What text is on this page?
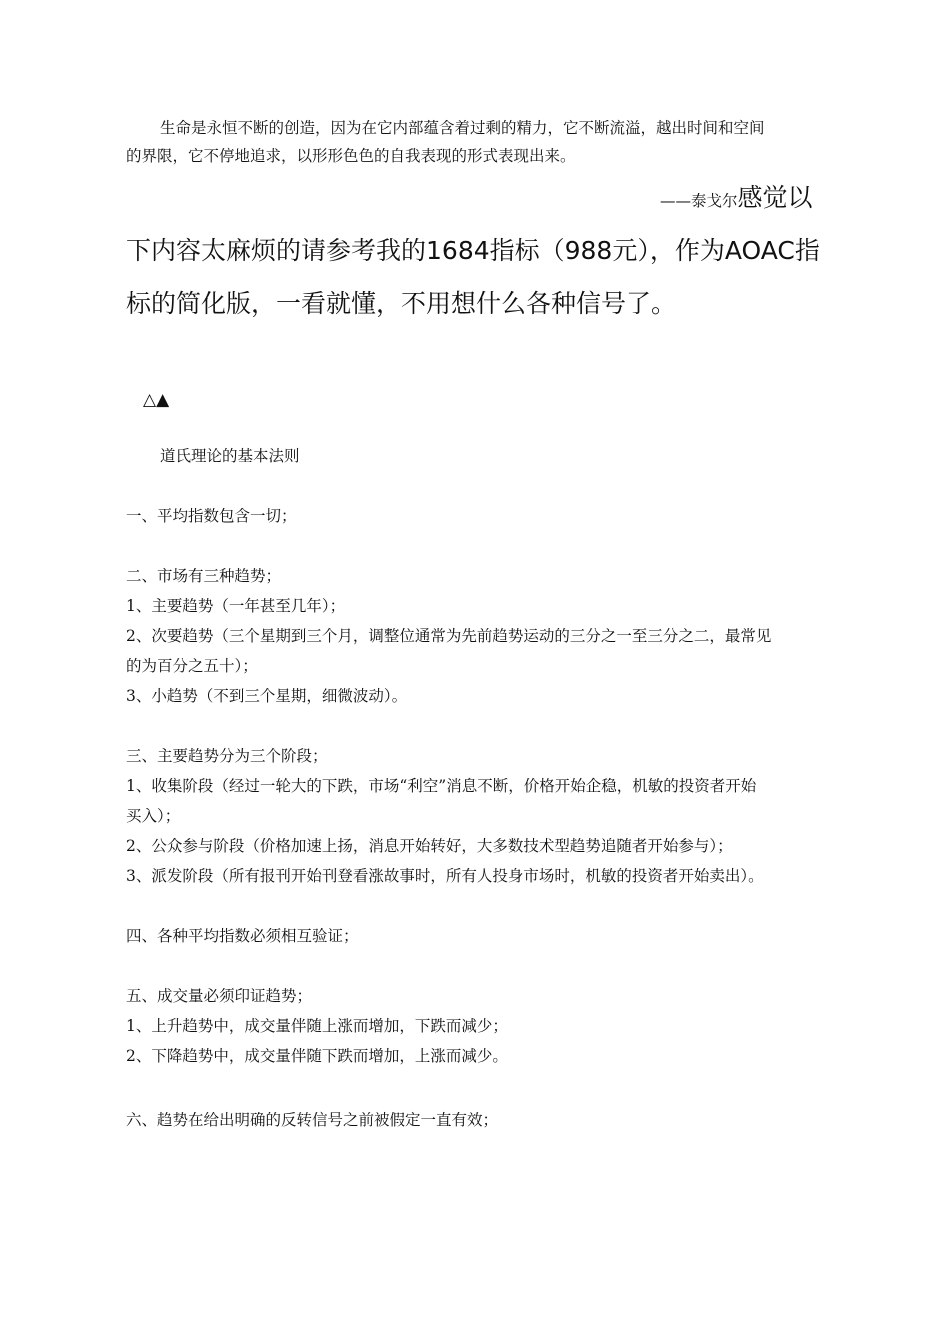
生命是永恒不断的创造，因为在它内部蕴含着过剩的精力，它不断流溢，越出时间和空间
的界限，它不停地追求，以形形色色的自我表现的形式表现出来。
——泰戈尔感觉以
下内容太麻烦的请参考我的1684指标（988元），作为AOAC指
标的简化版，一看就懂，不用想什么各种信号了。
△▲
道氏理论的基本法则
一、平均指数包含一切；
二、市场有三种趋势；
1、主要趋势（一年甚至几年）；
2、次要趋势（三个星期到三个月，调整位通常为先前趋势运动的三分之一至三分之二，最常见
的为百分之五十）；
3、小趋势（不到三个星期，细微波动）。
三、主要趋势分为三个阶段；
1、收集阶段（经过一轮大的下跌，市场“利空”消息不断，价格开始企稳，机敏的投资者开始
买入）；
2、公众参与阶段（价格加速上扬，消息开始转好，大多数技术型趋势追随者开始参与）；
3、派发阶段（所有报刊开始刊登看涨故事时，所有人投身市场时，机敏的投资者开始卖出）。
四、各种平均指数必须相互验证；
五、成交量必须印证趋势；
1、上升趋势中，成交量伴随上涨而增加，下跌而减少；
2、下降趋势中，成交量伴随下跌而增加，上涨而减少。
六、趋势在给出明确的反转信号之前被假定一直有效；
